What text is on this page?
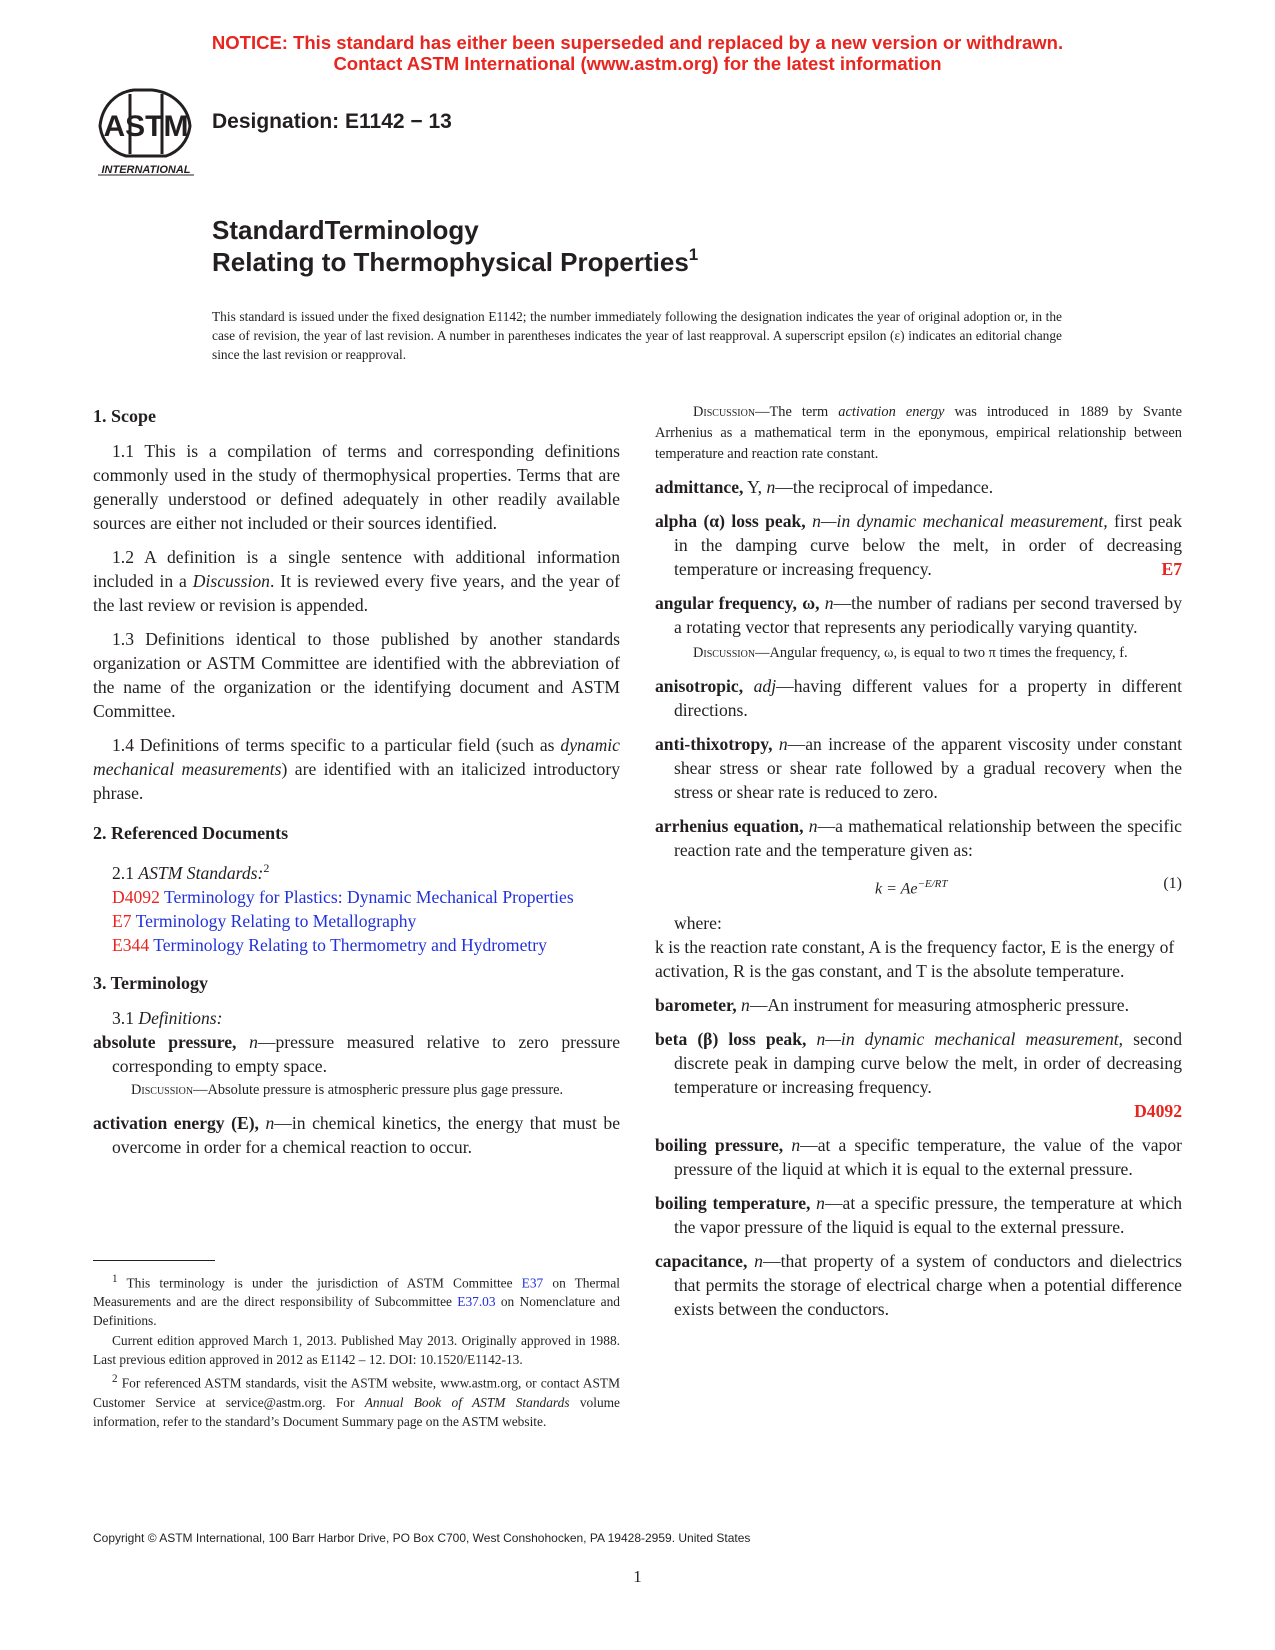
NOTICE: This standard has either been superseded and replaced by a new version or withdrawn.
Contact ASTM International (www.astm.org) for the latest information
ASTM
INTERNATIONAL
Designation: E1142 − 13
StandardTerminology
Relating to Thermophysical Properties$^1$
This standard is issued under the fixed designation E1142; the number immediately following the designation indicates the year of original adoption or, in the case of revision, the year of last revision. A number in parentheses indicates the year of last reapproval. A superscript epsilon (ε) indicates an editorial change since the last revision or reapproval.
1. Scope
1.1 This is a compilation of terms and corresponding definitions commonly used in the study of thermophysical properties. Terms that are generally understood or defined adequately in other readily available sources are either not included or their sources identified.
1.2 A definition is a single sentence with additional information included in a Discussion. It is reviewed every five years, and the year of the last review or revision is appended.
1.3 Definitions identical to those published by another standards organization or ASTM Committee are identified with the abbreviation of the name of the organization or the identifying document and ASTM Committee.
1.4 Definitions of terms specific to a particular field (such as dynamic mechanical measurements) are identified with an italicized introductory phrase.
2. Referenced Documents
2.1 ASTM Standards:$^2$
D4092 Terminology for Plastics: Dynamic Mechanical Properties
E7 Terminology Relating to Metallography
E344 Terminology Relating to Thermometry and Hydrometry
3. Terminology
3.1 Definitions:
absolute pressure, n—pressure measured relative to zero pressure corresponding to empty space.
Discussion—Absolute pressure is atmospheric pressure plus gage pressure.
activation energy (E), n—in chemical kinetics, the energy that must be overcome in order for a chemical reaction to occur.
$^1$ This terminology is under the jurisdiction of ASTM Committee E37 on Thermal Measurements and are the direct responsibility of Subcommittee E37.03 on Nomenclature and Definitions.
Current edition approved March 1, 2013. Published May 2013. Originally approved in 1988. Last previous edition approved in 2012 as E1142 – 12. DOI: 10.1520/E1142-13.
$^2$ For referenced ASTM standards, visit the ASTM website, www.astm.org, or contact ASTM Customer Service at service@astm.org. For Annual Book of ASTM Standards volume information, refer to the standard’s Document Summary page on the ASTM website.
Discussion—The term activation energy was introduced in 1889 by Svante Arrhenius as a mathematical term in the eponymous, empirical relationship between temperature and reaction rate constant.
admittance, Y, n—the reciprocal of impedance.
alpha (α) loss peak, n—in dynamic mechanical measurement, first peak in the damping curve below the melt, in order of decreasing temperature or increasing frequency.	E7
angular frequency, ω, n—the number of radians per second traversed by a rotating vector that represents any periodically varying quantity.
Discussion—Angular frequency, ω, is equal to two π times the frequency, f.
anisotropic, adj—having different values for a property in different directions.
anti-thixotropy, n—an increase of the apparent viscosity under constant shear stress or shear rate followed by a gradual recovery when the stress or shear rate is reduced to zero.
arrhenius equation, n—a mathematical relationship between the specific reaction rate and the temperature given as:
$k = Ae^{-E/RT}$	(1)
where:
k is the reaction rate constant, A is the frequency factor, E is the energy of activation, R is the gas constant, and T is the absolute temperature.
barometer, n—An instrument for measuring atmospheric pressure.
beta (β) loss peak, n—in dynamic mechanical measurement, second discrete peak in damping curve below the melt, in order of decreasing temperature or increasing frequency.
D4092
boiling pressure, n—at a specific temperature, the value of the vapor pressure of the liquid at which it is equal to the external pressure.
boiling temperature, n—at a specific pressure, the temperature at which the vapor pressure of the liquid is equal to the external pressure.
capacitance, n—that property of a system of conductors and dielectrics that permits the storage of electrical charge when a potential difference exists between the conductors.
Copyright © ASTM International, 100 Barr Harbor Drive, PO Box C700, West Conshohocken, PA 19428-2959. United States
1
